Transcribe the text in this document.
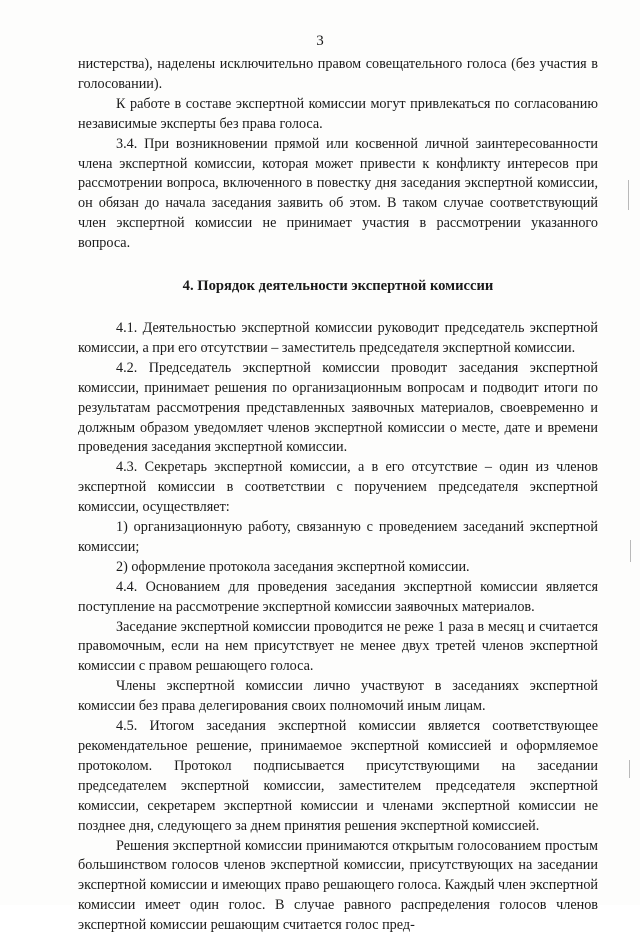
3

нистерства), наделены исключительно правом совещательного голоса (без участия в голосовании).

К работе в составе экспертной комиссии могут привлекаться по согласованию независимые эксперты без права голоса.

3.4. При возникновении прямой или косвенной личной заинтересованности члена экспертной комиссии, которая может привести к конфликту интересов при рассмотрении вопроса, включенного в повестку дня заседания экспертной комиссии, он обязан до начала заседания заявить об этом. В таком случае соответствующий член экспертной комиссии не принимает участия в рассмотрении указанного вопроса.

4. Порядок деятельности экспертной комиссии

4.1. Деятельностью экспертной комиссии руководит председатель экспертной комиссии, а при его отсутствии – заместитель председателя экспертной комиссии.

4.2. Председатель экспертной комиссии проводит заседания экспертной комиссии, принимает решения по организационным вопросам и подводит итоги по результатам рассмотрения представленных заявочных материалов, своевременно и должным образом уведомляет членов экспертной комиссии о месте, дате и времени проведения заседания экспертной комиссии.

4.3. Секретарь экспертной комиссии, а в его отсутствие – один из членов экспертной комиссии в соответствии с поручением председателя экспертной комиссии, осуществляет:

1) организационную работу, связанную с проведением заседаний экспертной комиссии;

2) оформление протокола заседания экспертной комиссии.

4.4. Основанием для проведения заседания экспертной комиссии является поступление на рассмотрение экспертной комиссии заявочных материалов.

Заседание экспертной комиссии проводится не реже 1 раза в месяц и считается правомочным, если на нем присутствует не менее двух третей членов экспертной комиссии с правом решающего голоса.

Члены экспертной комиссии лично участвуют в заседаниях экспертной комиссии без права делегирования своих полномочий иным лицам.

4.5. Итогом заседания экспертной комиссии является соответствующее рекомендательное решение, принимаемое экспертной комиссией и оформляемое протоколом. Протокол подписывается присутствующими на заседании председателем экспертной комиссии, заместителем председателя экспертной комиссии, секретарем экспертной комиссии и членами экспертной комиссии не позднее дня, следующего за днем принятия решения экспертной комиссией.

Решения экспертной комиссии принимаются открытым голосованием простым большинством голосов членов экспертной комиссии, присутствующих на заседании экспертной комиссии и имеющих право решающего голоса. Каждый член экспертной комиссии имеет один голос. В случае равного распределения голосов членов экспертной комиссии решающим считается голос пред-
